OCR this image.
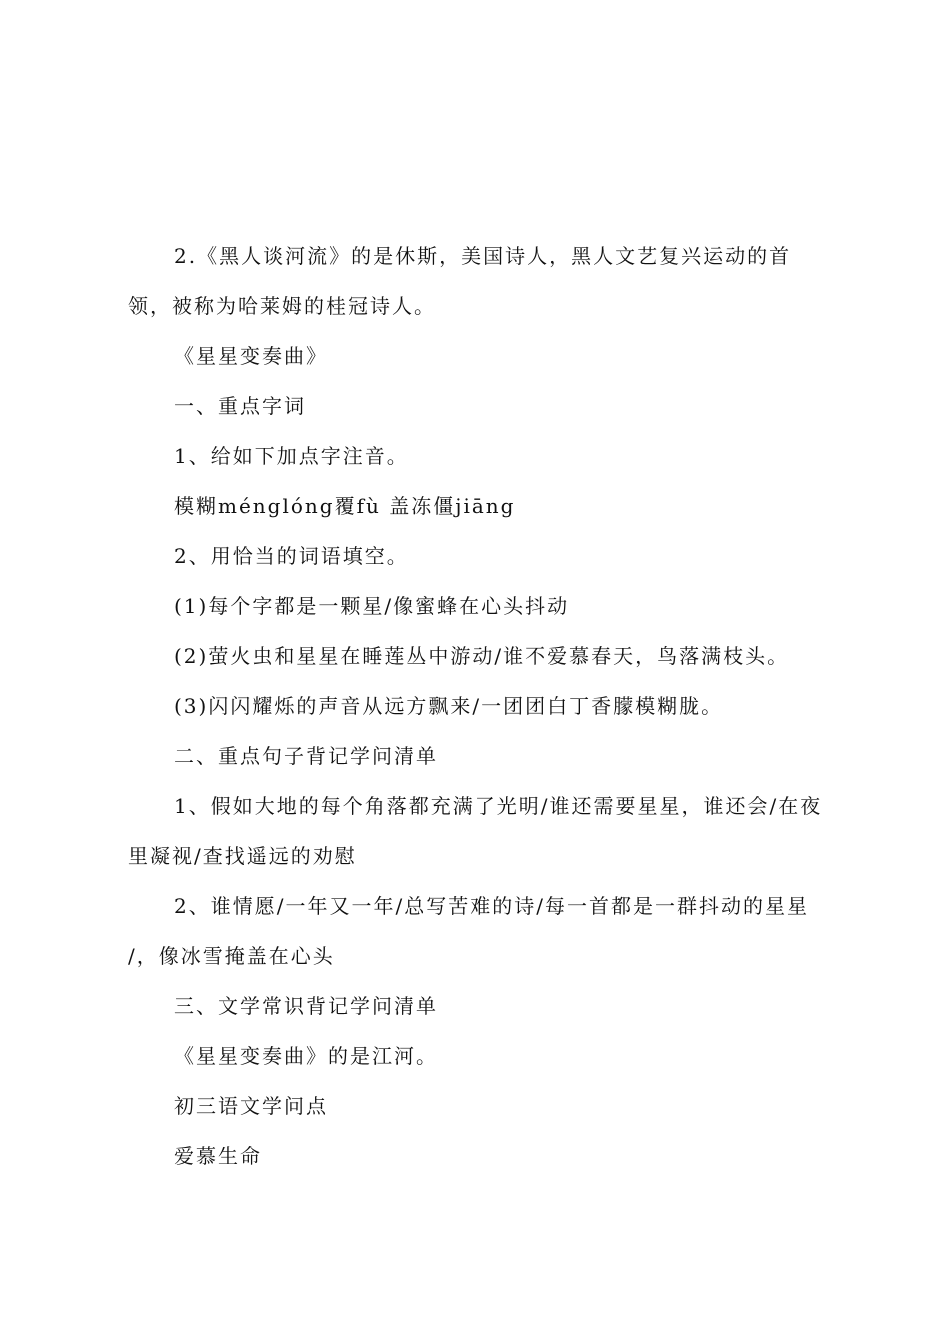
2.《黑人谈河流》的是休斯，美国诗人，黑人文艺复兴运动的首
领，被称为哈莱姆的桂冠诗人。
《星星变奏曲》
一、重点字词
1、给如下加点字注音。
模糊ménglóng覆fù 盖冻僵jiāng
2、用恰当的词语填空。
(1)每个字都是一颗星/像蜜蜂在心头抖动
(2)萤火虫和星星在睡莲丛中游动/谁不爱慕春天，鸟落满枝头。
(3)闪闪耀烁的声音从远方飘来/一团团白丁香朦模糊胧。
二、重点句子背记学问清单
1、假如大地的每个角落都充满了光明/谁还需要星星，谁还会/在夜
里凝视/查找遥远的劝慰
2、谁情愿/一年又一年/总写苦难的诗/每一首都是一群抖动的星星
/，像冰雪掩盖在心头
三、文学常识背记学问清单
《星星变奏曲》的是江河。
初三语文学问点
爱慕生命
